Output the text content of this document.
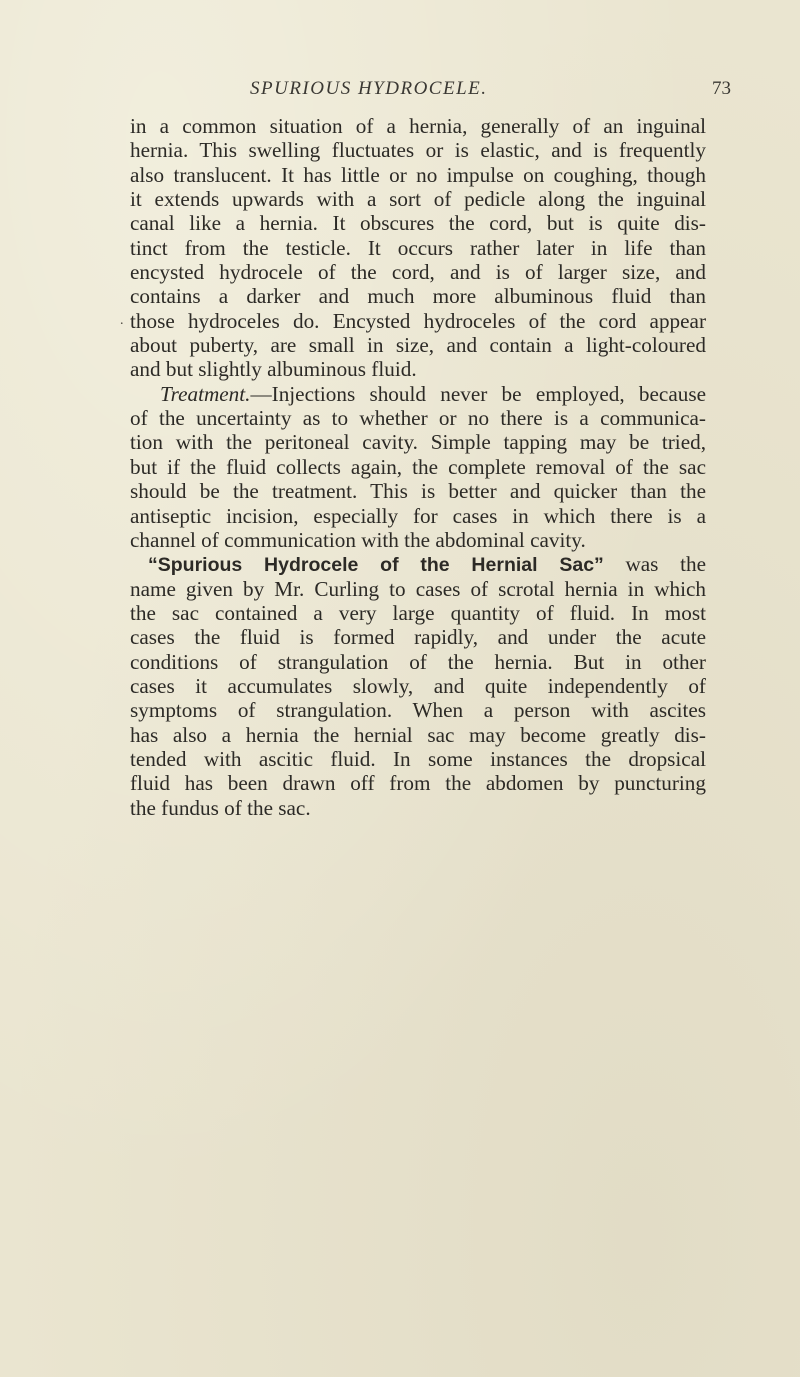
SPURIOUS HYDROCELE.	73
.
in a common situation of a hernia, generally of an inguinal
hernia. This swelling fluctuates or is elastic, and is frequently
also translucent. It has little or no impulse on coughing, though
it extends upwards with a sort of pedicle along the inguinal
canal like a hernia. It obscures the cord, but is quite dis-
tinct from the testicle. It occurs rather later in life than
encysted hydrocele of the cord, and is of larger size, and
contains a darker and much more albuminous fluid than
those hydroceles do. Encysted hydroceles of the cord appear
about puberty, are small in size, and contain a light-coloured
and but slightly albuminous fluid.
Treatment.—Injections should never be employed, because
of the uncertainty as to whether or no there is a communica-
tion with the peritoneal cavity. Simple tapping may be tried,
but if the fluid collects again, the complete removal of the sac
should be the treatment. This is better and quicker than the
antiseptic incision, especially for cases in which there is a
channel of communication with the abdominal cavity.
“Spurious Hydrocele of the Hernial Sac” was the
name given by Mr. Curling to cases of scrotal hernia in which
the sac contained a very large quantity of fluid. In most
cases the fluid is formed rapidly, and under the acute
conditions of strangulation of the hernia. But in other
cases it accumulates slowly, and quite independently of
symptoms of strangulation. When a person with ascites
has also a hernia the hernial sac may become greatly dis-
tended with ascitic fluid. In some instances the dropsical
fluid has been drawn off from the abdomen by puncturing
the fundus of the sac.
